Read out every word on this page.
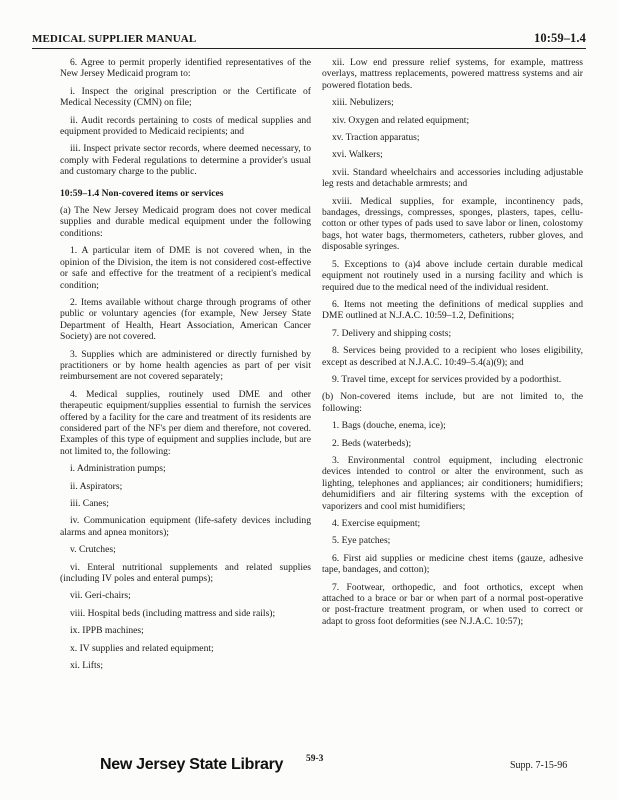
MEDICAL SUPPLIER MANUAL	10:59–1.4

6. Agree to permit properly identified representatives of the New Jersey Medicaid program to:

i. Inspect the original prescription or the Certificate of Medical Necessity (CMN) on file;

ii. Audit records pertaining to costs of medical supplies and equipment provided to Medicaid recipients; and

iii. Inspect private sector records, where deemed necessary, to comply with Federal regulations to determine a provider's usual and customary charge to the public.

10:59–1.4 Non-covered items or services

(a) The New Jersey Medicaid program does not cover medical supplies and durable medical equipment under the following conditions:

1. A particular item of DME is not covered when, in the opinion of the Division, the item is not considered cost-effective or safe and effective for the treatment of a recipient's medical condition;

2. Items available without charge through programs of other public or voluntary agencies (for example, New Jersey State Department of Health, Heart Association, American Cancer Society) are not covered.

3. Supplies which are administered or directly furnished by practitioners or by home health agencies as part of per visit reimbursement are not covered separately;

4. Medical supplies, routinely used DME and other therapeutic equipment/supplies essential to furnish the services offered by a facility for the care and treatment of its residents are considered part of the NF's per diem and therefore, not covered. Examples of this type of equipment and supplies include, but are not limited to, the following:

i. Administration pumps;

ii. Aspirators;

iii. Canes;

iv. Communication equipment (life-safety devices including alarms and apnea monitors);

v. Crutches;

vi. Enteral nutritional supplements and related supplies (including IV poles and enteral pumps);

vii. Geri-chairs;

viii. Hospital beds (including mattress and side rails);

ix. IPPB machines;

x. IV supplies and related equipment;

xi. Lifts;

xii. Low end pressure relief systems, for example, mattress overlays, mattress replacements, powered mattress systems and air powered flotation beds.

xiii. Nebulizers;

xiv. Oxygen and related equipment;

xv. Traction apparatus;

xvi. Walkers;

xvii. Standard wheelchairs and accessories including adjustable leg rests and detachable armrests; and

xviii. Medical supplies, for example, incontinency pads, bandages, dressings, compresses, sponges, plasters, tapes, cellu-cotton or other types of pads used to save labor or linen, colostomy bags, hot water bags, thermometers, catheters, rubber gloves, and disposable syringes.

5. Exceptions to (a)4 above include certain durable medical equipment not routinely used in a nursing facility and which is required due to the medical need of the individual resident.

6. Items not meeting the definitions of medical supplies and DME outlined at N.J.A.C. 10:59–1.2, Definitions;

7. Delivery and shipping costs;

8. Services being provided to a recipient who loses eligibility, except as described at N.J.A.C. 10:49–5.4(a)(9); and

9. Travel time, except for services provided by a podorthist.

(b) Non-covered items include, but are not limited to, the following:

1. Bags (douche, enema, ice);

2. Beds (waterbeds);

3. Environmental control equipment, including electronic devices intended to control or alter the environment, such as lighting, telephones and appliances; air conditioners; humidifiers; dehumidifiers and air filtering systems with the exception of vaporizers and cool mist humidifiers;

4. Exercise equipment;

5. Eye patches;

6. First aid supplies or medicine chest items (gauze, adhesive tape, bandages, and cotton);

7. Footwear, orthopedic, and foot orthotics, except when attached to a brace or bar or when part of a normal post-operative or post-fracture treatment program, or when used to correct or adapt to gross foot deformities (see N.J.A.C. 10:57);

New Jersey State Library 59-3
Supp. 7-15-96
